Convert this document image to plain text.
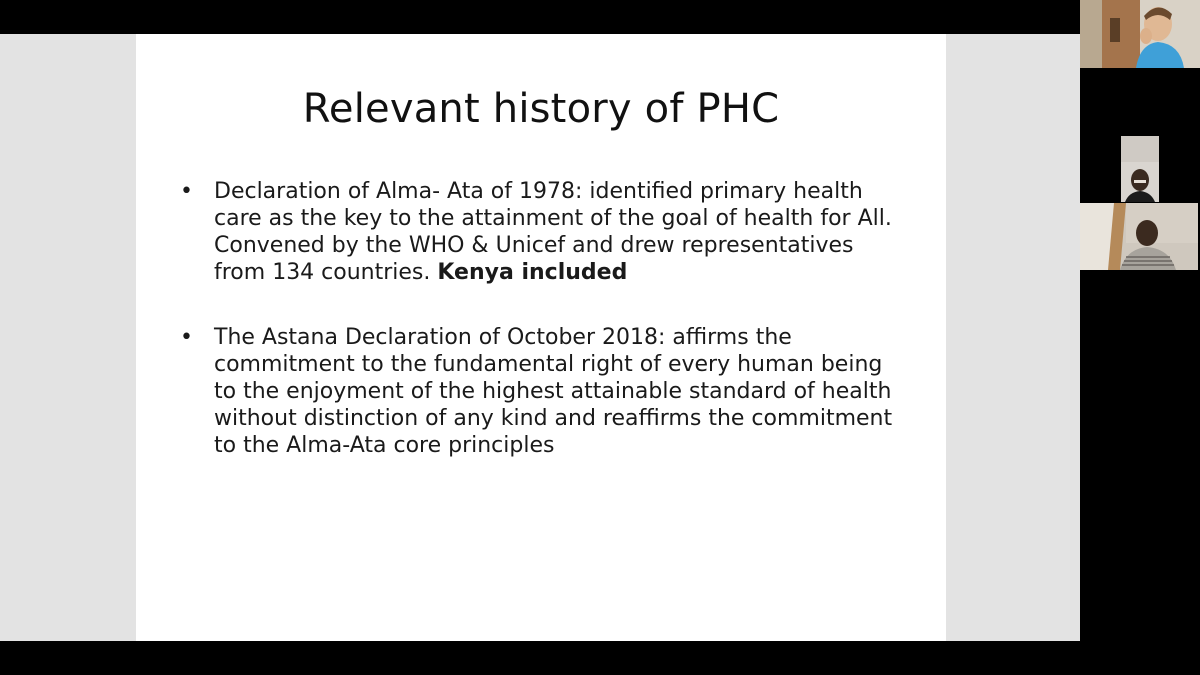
Relevant history of PHC
• Declaration of Alma- Ata of 1978: identified primary health care as the key to the attainment of the goal of health for All. Convened by the WHO & Unicef and drew representatives from 134 countries. Kenya included
• The Astana Declaration of October 2018: affirms the commitment to the fundamental right of every human being to the enjoyment of the highest attainable standard of health without distinction of any kind and reaffirms the commitment to the Alma-Ata core principles
